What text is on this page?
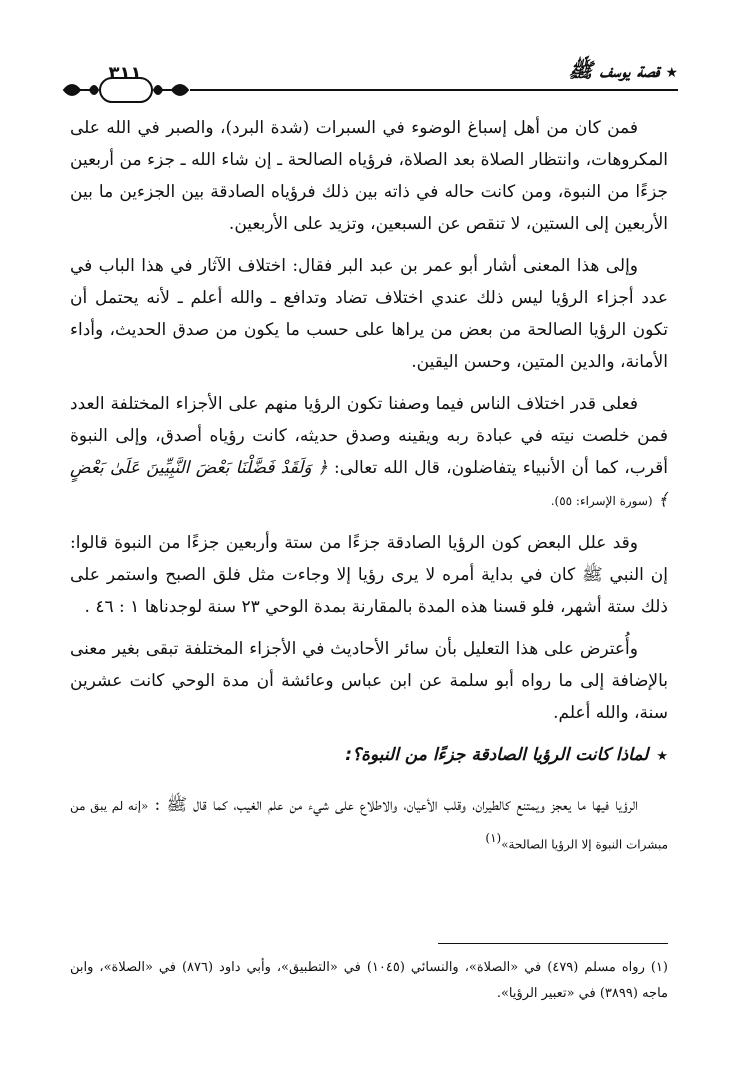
★قصة يوسف ﷺ
٣١١

فمن كان من أهل إسباغ الوضوء في السبرات (شدة البرد)، والصبر في الله على المكروهات، وانتظار الصلاة بعد الصلاة، فرؤياه الصالحة ـ إن شاء الله ـ جزء من أربعين جزءًا من النبوة، ومن كانت حاله في ذاته بين ذلك فرؤياه الصادقة بين الجزءين ما بين الأربعين إلى الستين، لا تنقص عن السبعين، وتزيد على الأربعين.

وإلى هذا المعنى أشار أبو عمر بن عبد البر فقال: اختلاف الآثار في هذا الباب في عدد أجزاء الرؤيا ليس ذلك عندي اختلاف تضاد وتدافع ـ والله أعلم ـ لأنه يحتمل أن تكون الرؤيا الصالحة من بعض من يراها على حسب ما يكون من صدق الحديث، وأداء الأمانة، والدين المتين، وحسن اليقين.

فعلى قدر اختلاف الناس فيما وصفنا تكون الرؤيا منهم على الأجزاء المختلفة العدد فمن خلصت نيته في عبادة ربه ويقينه وصدق حديثه، كانت رؤياه أصدق، وإلى النبوة أقرب، كما أن الأنبياء يتفاضلون، قال الله تعالى: ﴿ وَلَقَدْ فَضَّلْنَا بَعْضَ النَّبِيِّينَ عَلَىٰ بَعْضٍ ﴾ (سورة الإسراء: ٥٥).

وقد علل البعض كون الرؤيا الصادقة جزءًا من ستة وأربعين جزءًا من النبوة قالوا: إن النبي ﷺ كان في بداية أمره لا يرى رؤيا إلا وجاءت مثل فلق الصبح واستمر على ذلك ستة أشهر، فلو قسنا هذه المدة بالمقارنة بمدة الوحي ٢٣ سنة لوجدناها ١ : ٤٦ .

وأُعترض على هذا التعليل بأن سائر الأحاديث في الأجزاء المختلفة تبقى بغير معنى بالإضافة إلى ما رواه أبو سلمة عن ابن عباس وعائشة أن مدة الوحي كانت عشرين سنة، والله أعلم.

★لماذا كانت الرؤيا الصادقة جزءًا من النبوة؟:

الرؤيا فيها ما يعجز ويمتنع كالطيران، وقلب الأعيان، والاطلاع على شيء من علم الغيب، كما قال ﷺ : «إنه لم يبق من مبشرات النبوة إلا الرؤيا الصالحة»$^{(١)}$

(١) رواه مسلم (٤٧٩) في «الصلاة»، والنسائي (١٠٤٥) في «التطبيق»، وأبي داود (٨٧٦) في «الصلاة»، وابن ماجه (٣٨٩٩) في «تعبير الرؤيا».
